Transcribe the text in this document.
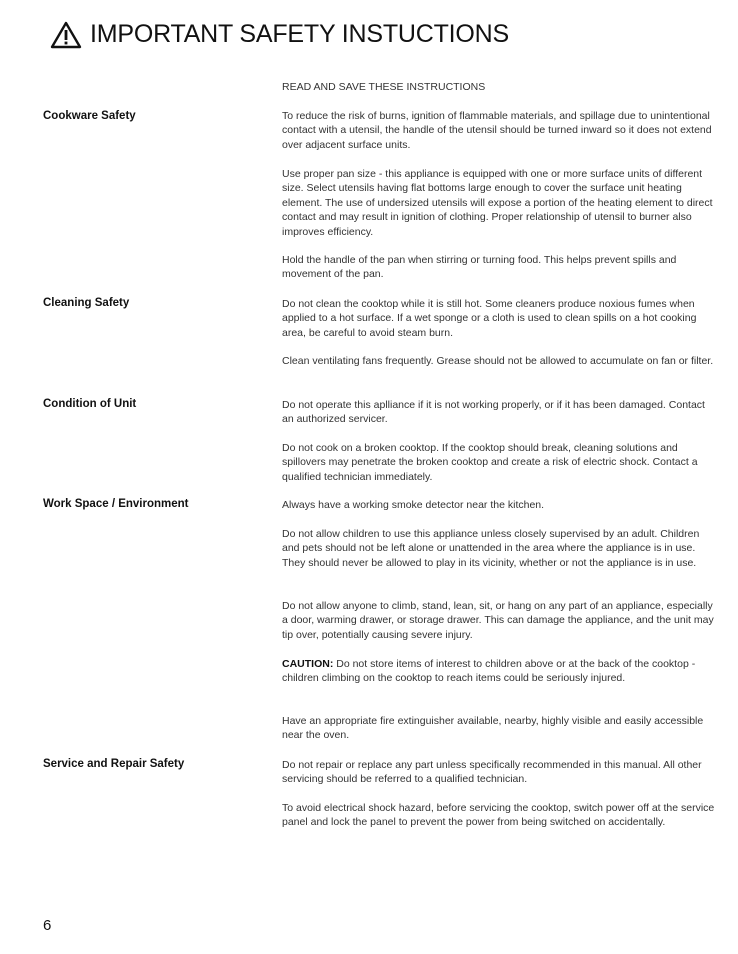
IMPORTANT SAFETY INSTUCTIONS
READ AND SAVE THESE INSTRUCTIONS
Cookware Safety	To reduce the risk of burns, ignition of flammable materials, and spillage due to unintentional contact with a utensil, the handle of the utensil should be turned inward so it does not extend over adjacent surface units.

Use proper pan size - this appliance is equipped with one or more surface units of different size. Select utensils having flat bottoms large enough to cover the surface unit heating element. The use of undersized utensils will expose a portion of the heating element to direct contact and may result in ignition of clothing. Proper relationship of utensil to burner also improves efficiency.

Hold the handle of the pan when stirring or turning food. This helps prevent spills and movement of the pan.

Cleaning Safety	Do not clean the cooktop while it is still hot. Some cleaners produce noxious fumes when applied to a hot surface. If a wet sponge or a cloth is used to clean spills on a hot cooking area, be careful to avoid steam burn.

Clean ventilating fans frequently. Grease should not be allowed to accumulate on fan or filter.

Condition of Unit	Do not operate this aplliance if it is not working properly, or if it has been damaged. Contact an authorized servicer.

Do not cook on a broken cooktop. If the cooktop should break, cleaning solutions and spillovers may penetrate the broken cooktop and create a risk of electric shock. Contact a qualified technician immediately.

Work Space / Environment	Always have a working smoke detector near the kitchen.

Do not allow children to use this appliance unless closely supervised by an adult. Children and pets should not be left alone or unattended in the area where the appliance is in use. They should never be allowed to play in its vicinity, whether or not the appliance is in use.

Do not allow anyone to climb, stand, lean, sit, or hang on any part of an appliance, especially a door, warming drawer, or storage drawer. This can damage the appliance, and the unit may tip over, potentially causing severe injury.

CAUTION: Do not store items of interest to children above or at the back of the cooktop - children climbing on the cooktop to reach items could be seriously injured.

Have an appropriate fire extinguisher available, nearby, highly visible and easily accessible near the oven.

Service and Repair Safety	Do not repair or replace any part unless specifically recommended in this manual. All other servicing should be referred to a qualified technician.

To avoid electrical shock hazard, before servicing the cooktop, switch power off at the service panel and lock the panel to prevent the power from being switched on accidentally.

6
